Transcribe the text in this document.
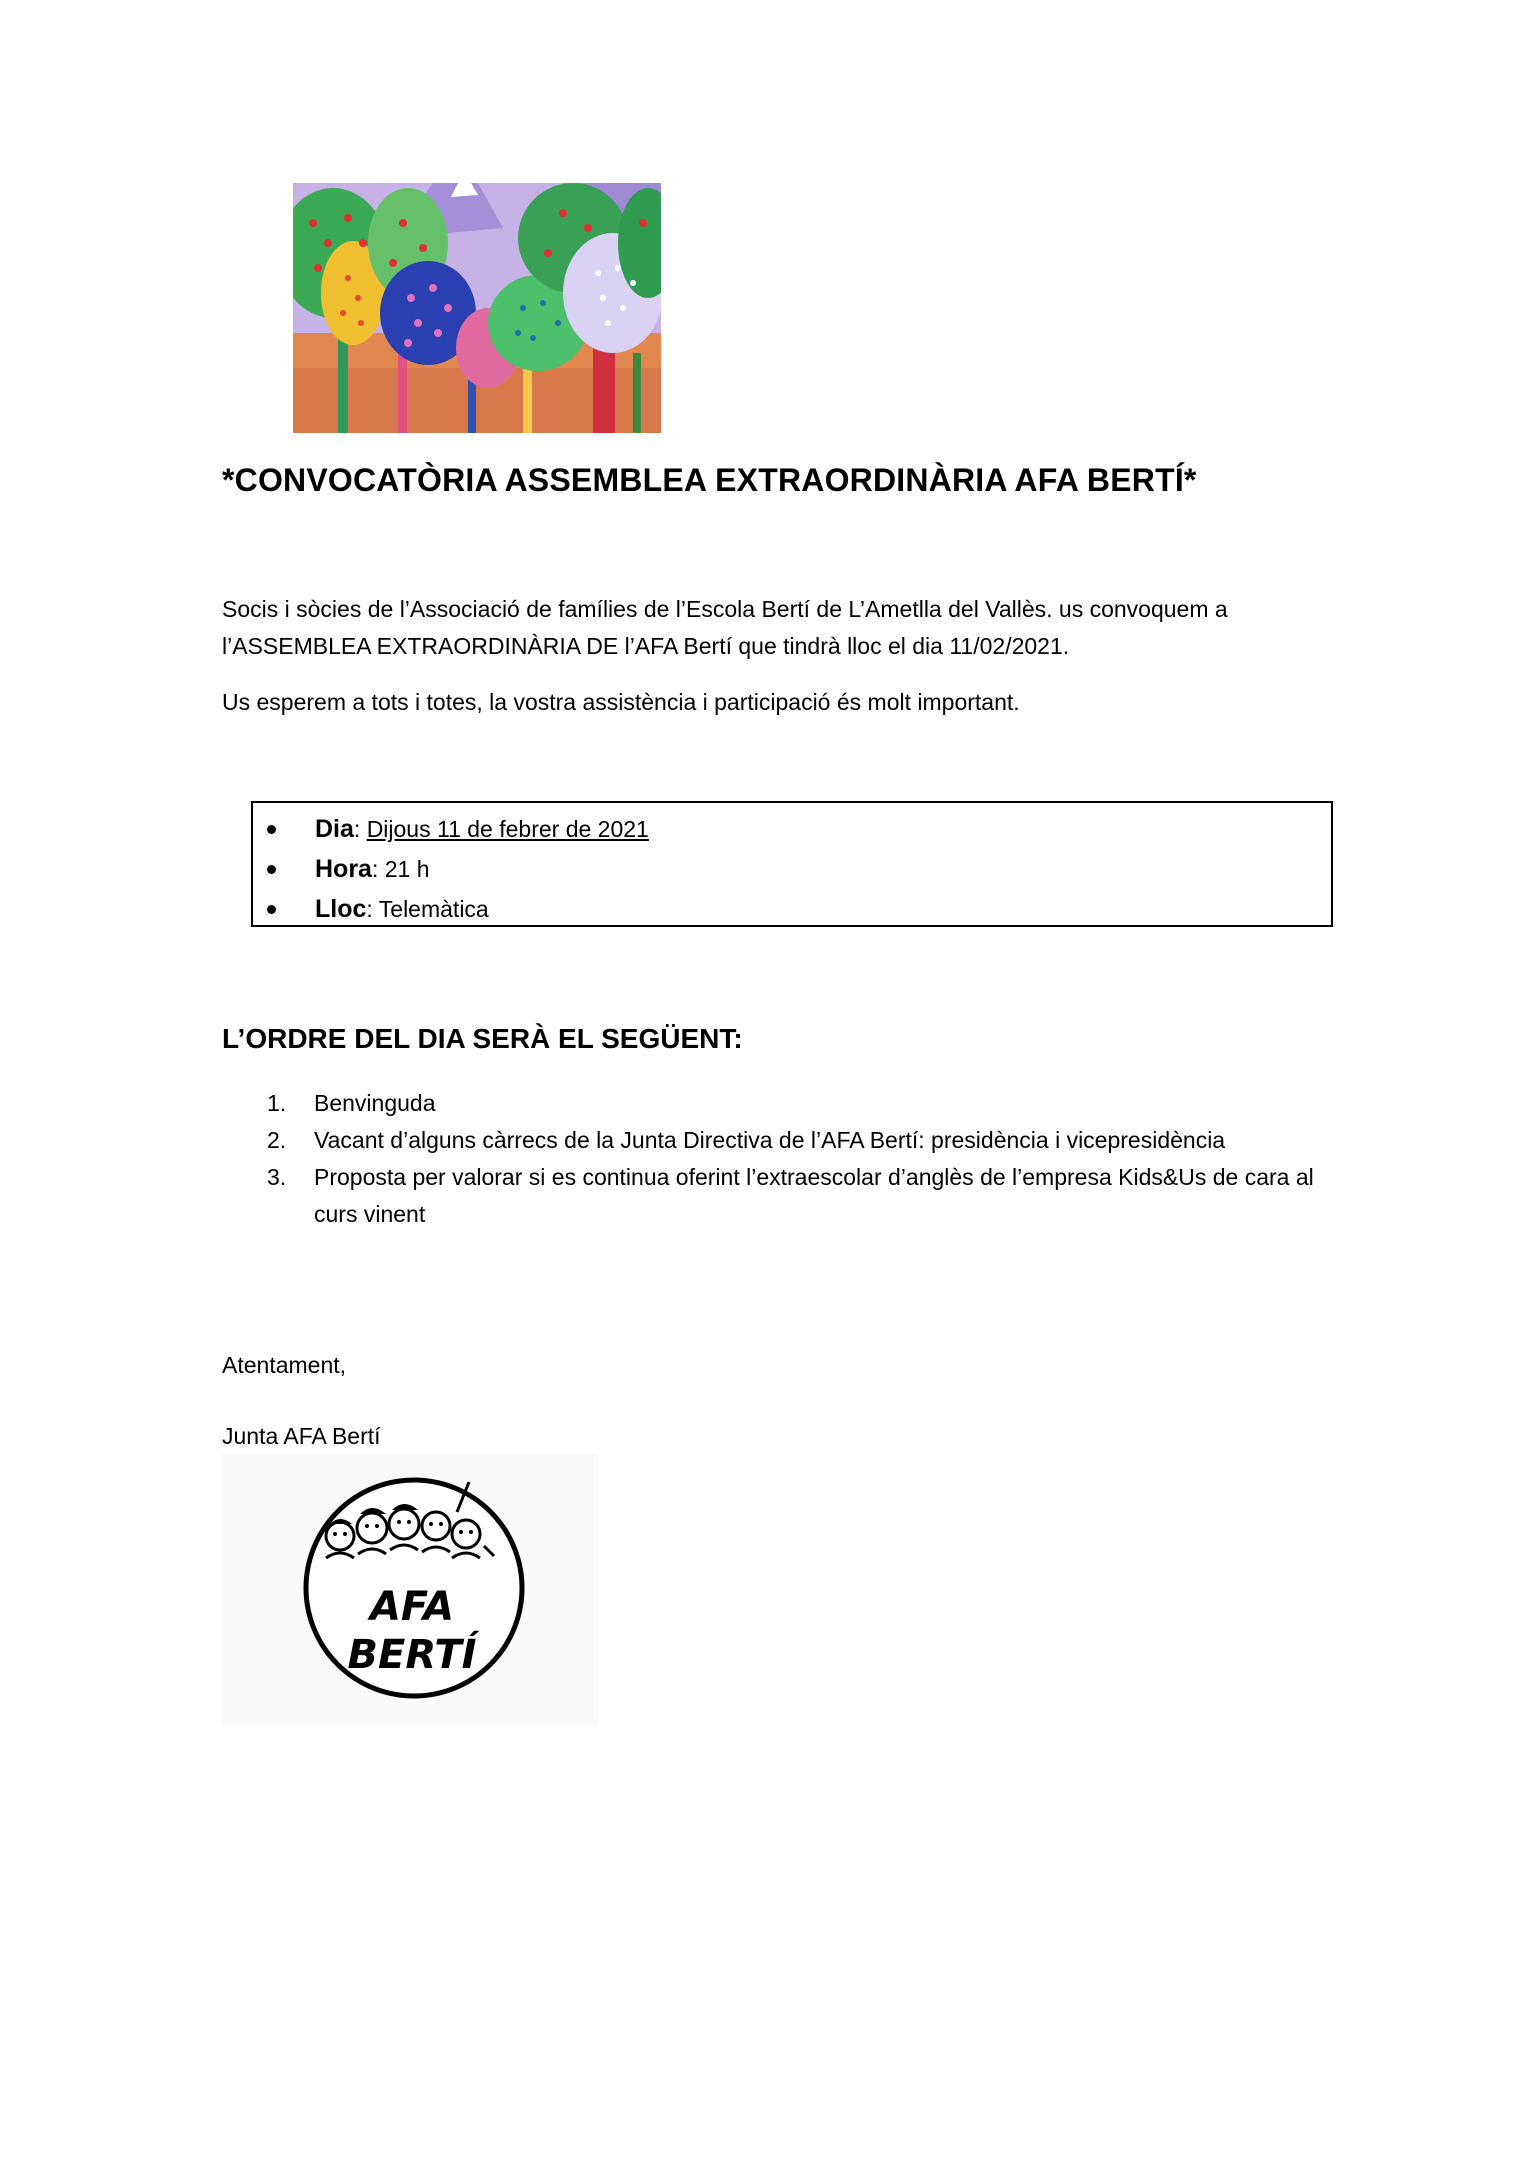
*CONVOCATÒRIA ASSEMBLEA EXTRAORDINÀRIA AFA BERTÍ*
Socis i sòcies de l’Associació de famílies de l’Escola Bertí de L’Ametlla del Vallès. us convoquem a l’ASSEMBLEA EXTRAORDINÀRIA DE l’AFA Bertí que tindrà lloc el dia 11/02/2021.
Us esperem a tots i totes, la vostra assistència i participació és molt important.
Dia: Dijous 11 de febrer de 2021
Hora: 21 h
Lloc: Telemàtica
L’ORDRE DEL DIA SERÀ EL SEGÜENT:
1. Benvinguda
2. Vacant d’alguns càrrecs de la Junta Directiva de l’AFA Bertí: presidència i vicepresidència
3. Proposta per valorar si es continua oferint l’extraescolar d’anglès de l’empresa Kids&Us de cara al curs vinent
Atentament,
Junta AFA Bertí
AFA
BERTÍ
